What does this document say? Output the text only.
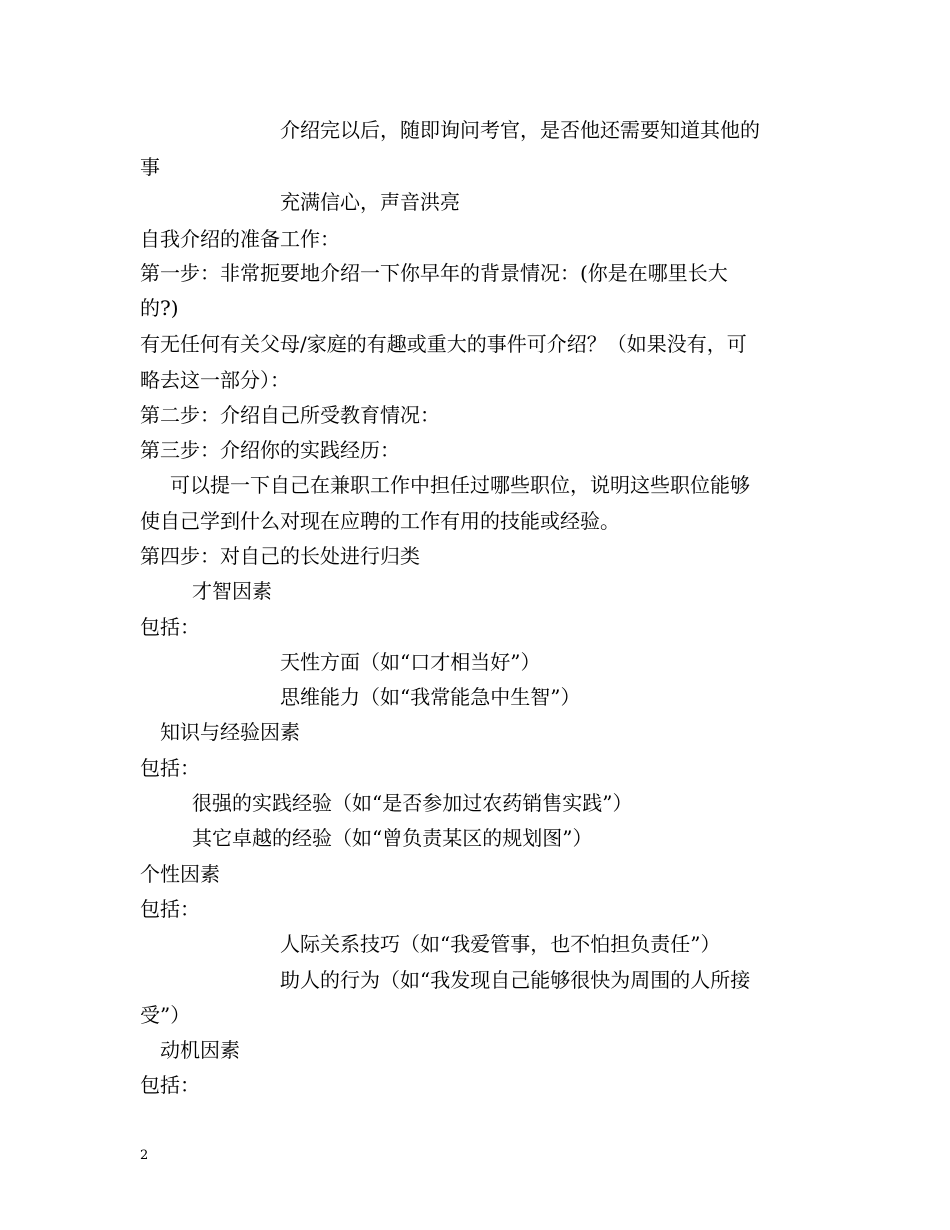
介绍完以后，随即询问考官，是否他还需要知道其他的
事
充满信心，声音洪亮
自我介绍的准备工作：
第一步：非常扼要地介绍一下你早年的背景情况：(你是在哪里长大
的?)
有无任何有关父母/家庭的有趣或重大的事件可介绍？（如果没有，可
略去这一部分）：
第二步：介绍自己所受教育情况：
第三步：介绍你的实践经历：
可以提一下自己在兼职工作中担任过哪些职位，说明这些职位能够
使自己学到什么对现在应聘的工作有用的技能或经验。
第四步：对自己的长处进行归类
才智因素
包括：
天性方面（如“口才相当好”）
思维能力（如“我常能急中生智”）
知识与经验因素
包括：
很强的实践经验（如“是否参加过农药销售实践”）
其它卓越的经验（如“曾负责某区的规划图”）
个性因素
包括：
人际关系技巧（如“我爱管事，也不怕担负责任”）
助人的行为（如“我发现自己能够很快为周围的人所接
受”）
动机因素
包括：
2
